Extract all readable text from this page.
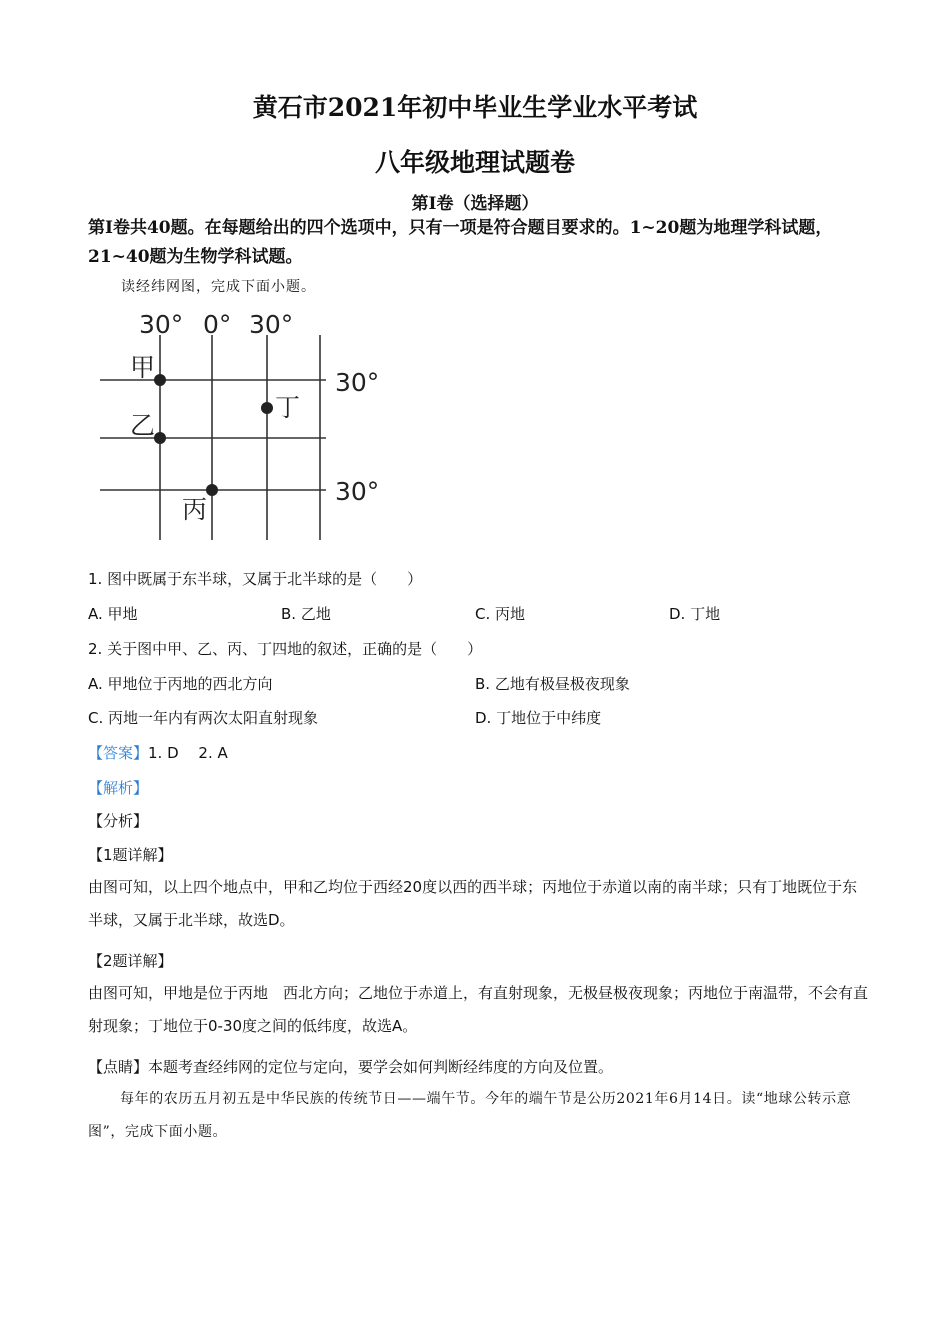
黄石市2021年初中毕业生学业水平考试
八年级地理试题卷
第Ⅰ卷（选择题）
第Ⅰ卷共40题。在每题给出的四个选项中，只有一项是符合题目要求的。1~20题为地理学科试题，21~40题为生物学科试题。
读经纬网图，完成下面小题。
30° 0° 30°
30°
30°
甲
乙
丙
丁
1. 图中既属于东半球，又属于北半球的是（　　）
A. 甲地	B. 乙地	C. 丙地	D. 丁地
2. 关于图中甲、乙、丙、丁四地的叙述，正确的是（　　）
A. 甲地位于丙地的西北方向	B. 乙地有极昼极夜现象
C. 丙地一年内有两次太阳直射现象	D. 丁地位于中纬度
【答案】1. D　 2. A
【解析】
【分析】
【1题详解】
由图可知，以上四个地点中，甲和乙均位于西经20度以西的西半球；丙地位于赤道以南的南半球；只有丁地既位于东半球，又属于北半球，故选D。
【2题详解】
由图可知，甲地是位于丙地　西北方向；乙地位于赤道上，有直射现象，无极昼极夜现象；丙地位于南温带，不会有直射现象；丁地位于0-30度之间的低纬度，故选A。
【点睛】本题考查经纬网的定位与定向，要学会如何判断经纬度的方向及位置。
每年的农历五月初五是中华民族的传统节日——端午节。今年的端午节是公历2021年6月14日。读“地球公转示意图”，完成下面小题。
